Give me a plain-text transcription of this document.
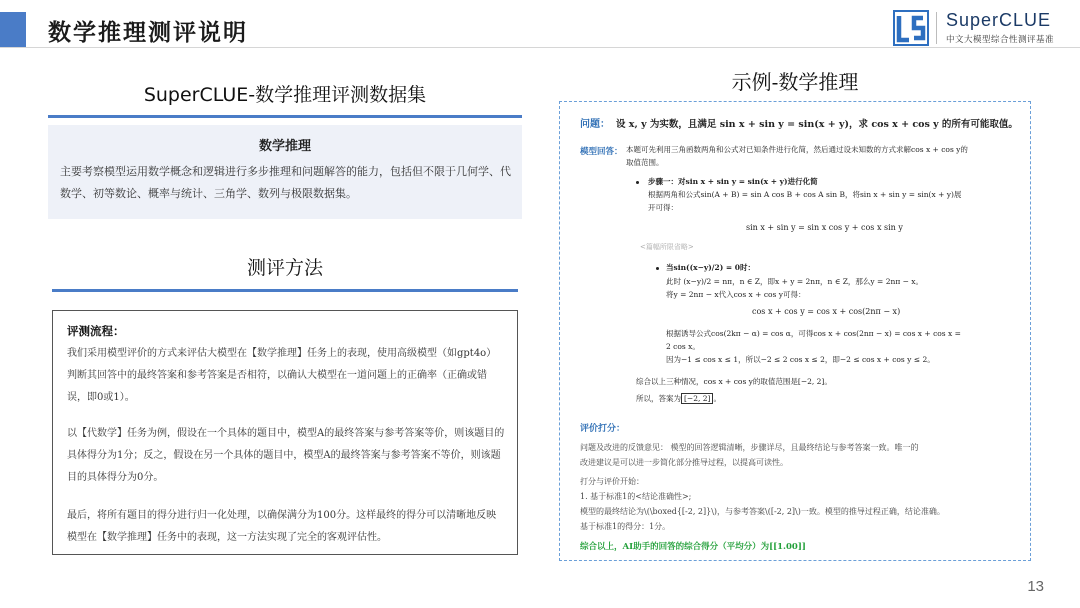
数学推理测评说明	SuperCLUE
中文大模型综合性测评基准
SuperCLUE-数学推理评测数据集
数学推理
主要考察模型运用数学概念和逻辑进行多步推理和问题解答的能力，包括但不限于几何学、代数学、初等数论、概率与统计、三角学、数列与极限数据集。
测评方法
评测流程：

我们采用模型评价的方式来评估大模型在【数学推理】任务上的表现，使用高级模型（如gpt4o）判断其回答中的最终答案和参考答案是否相符，以确认大模型在一道问题上的正确率（正确或错误，即0或1）。

以【代数学】任务为例，假设在一个具体的题目中，模型A的最终答案与参考答案等价，则该题目的具体得分为1分；反之，假设在另一个具体的题目中，模型A的最终答案与参考答案不等价，则该题目的具体得分为0分。

最后，将所有题目的得分进行归一化处理，以确保满分为100分。这样最终的得分可以清晰地反映模型在【数学推理】任务中的表现，这一方法实现了完全的客观评估性。

示例-数学推理
问题： 设 x, y 为实数，且满足 sin x + sin y = sin(x + y)，求 cos x + cos y 的所有可能取值。
模型回答： 本题可先利用三角函数两角和公式对已知条件进行化简，然后通过设未知数的方式求解cos x + cos y的
取值范围。
步骤一：对sin x + sin y = sin(x + y)进行化简
根据两角和公式sin(A + B) = sin A cos B + cos A sin B，将sin x + sin y = sin(x + y)展
开可得：
sin x + sin y = sin x cos y + cos x sin y
<篇幅所限省略>
当sin((x−y)/2) = 0时：
此时 (x−y)/2 = nπ，n ∈ Z，即x + y = 2nπ，n ∈ Z，那么y = 2nπ − x。
将y = 2nπ − x代入cos x + cos y可得：
cos x + cos y = cos x + cos(2nπ − x)
根据诱导公式cos(2kπ − α) = cos α，可得cos x + cos(2nπ − x) = cos x + cos x =
2 cos x。
因为−1 ≤ cos x ≤ 1，所以−2 ≤ 2 cos x ≤ 2，即−2 ≤ cos x + cos y ≤ 2。
综合以上三种情况，cos x + cos y的取值范围是[−2, 2]。
所以，答案为 [−2, 2] 。
评价打分：
问题及改进的反馈意见： 模型的回答逻辑清晰，步骤详尽，且最终结论与参考答案一致。唯一的
改进建议是可以进一步简化部分推导过程，以提高可读性。
打分与评价开始：
1. 基于标准1的<结论准确性>;
模型的最终结论为\(\boxed{[-2, 2]}\)，与参考答案\([-2, 2]\)一致。模型的推导过程正确，结论准确。
基于标准1的得分：1分。
综合以上，AI助手的回答的综合得分（平均分）为[[1.00]]
13
